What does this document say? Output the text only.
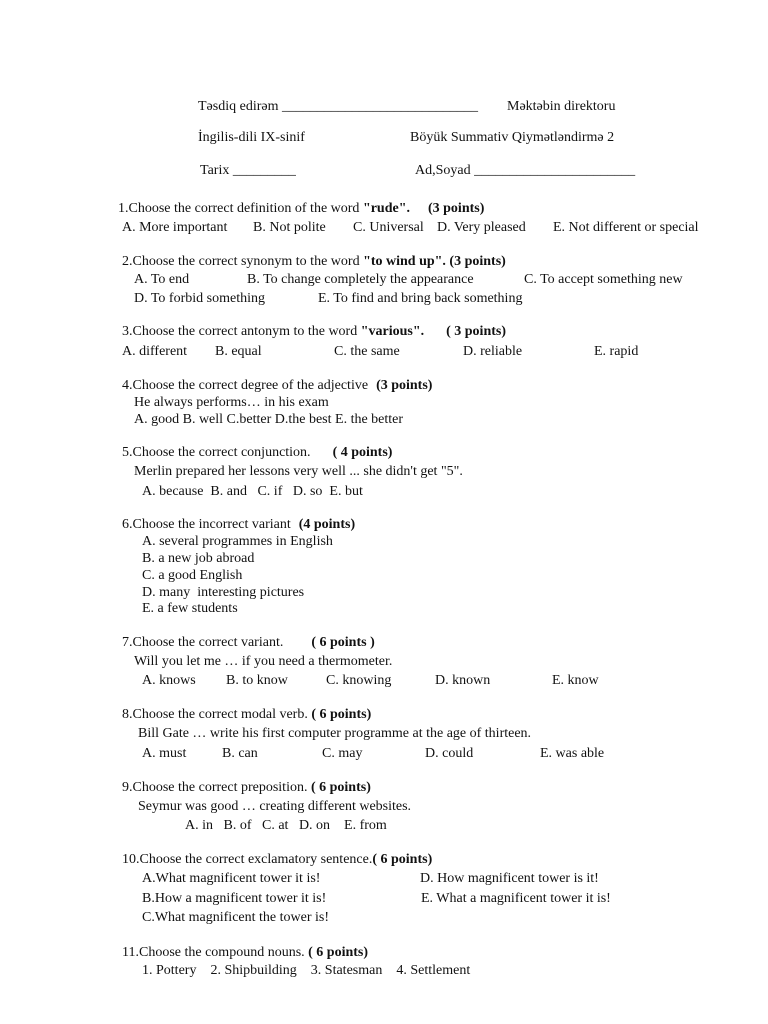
Təsdiq edirəm ____________________________ Məktəbin direktoru
İngilis-dili IX-sinif	Böyük Summativ Qiymətləndirmə 2
Tarix _________	Ad,Soyad _______________________
1.Choose the correct definition of the word "rude". (3 points)
A. More important B. Not polite C. Universal D. Very pleased E. Not different or special
2.Choose the correct synonym to the word "to wind up". (3 points)
A. To end	B. To change completely the appearance	C. To accept something new
D. To forbid something	E. To find and bring back something
3.Choose the correct antonym to the word "various". ( 3 points)
A. different B. equal	C. the same	D. reliable	E. rapid
4.Choose the correct degree of the adjective (3 points)
He always performs… in his exam
A. good B. well C.better D.the best E. the better
5.Choose the correct conjunction. ( 4 points)
Merlin prepared her lessons very well ... she didn't get "5".
A. because  B. and   C. if   D. so  E. but
6.Choose the incorrect variant (4 points)
A. several programmes in English
B. a new job abroad
C. a good English
D. many  interesting pictures
E. a few students
7.Choose the correct variant. ( 6 points )
Will you let me … if you need a thermometer.
A. knows B. to know	C. knowing	D. known	E. know
8.Choose the correct modal verb. ( 6 points)
Bill Gate … write his first computer programme at the age of thirteen.
A. must	B. can	C. may	D. could	E. was able
9.Choose the correct preposition. ( 6 points)
Seymur was good … creating different websites.
A. in   B. of   C. at   D. on    E. from
10.Choose the correct exclamatory sentence.( 6 points)
A.What magnificent tower it is!
B.How a magnificent tower it is!
C.What magnificent the tower is!
D. How magnificent tower is it!
E. What a magnificent tower it is!
11.Choose the compound nouns. ( 6 points)
1. Pottery    2. Shipbuilding    3. Statesman    4. Settlement
